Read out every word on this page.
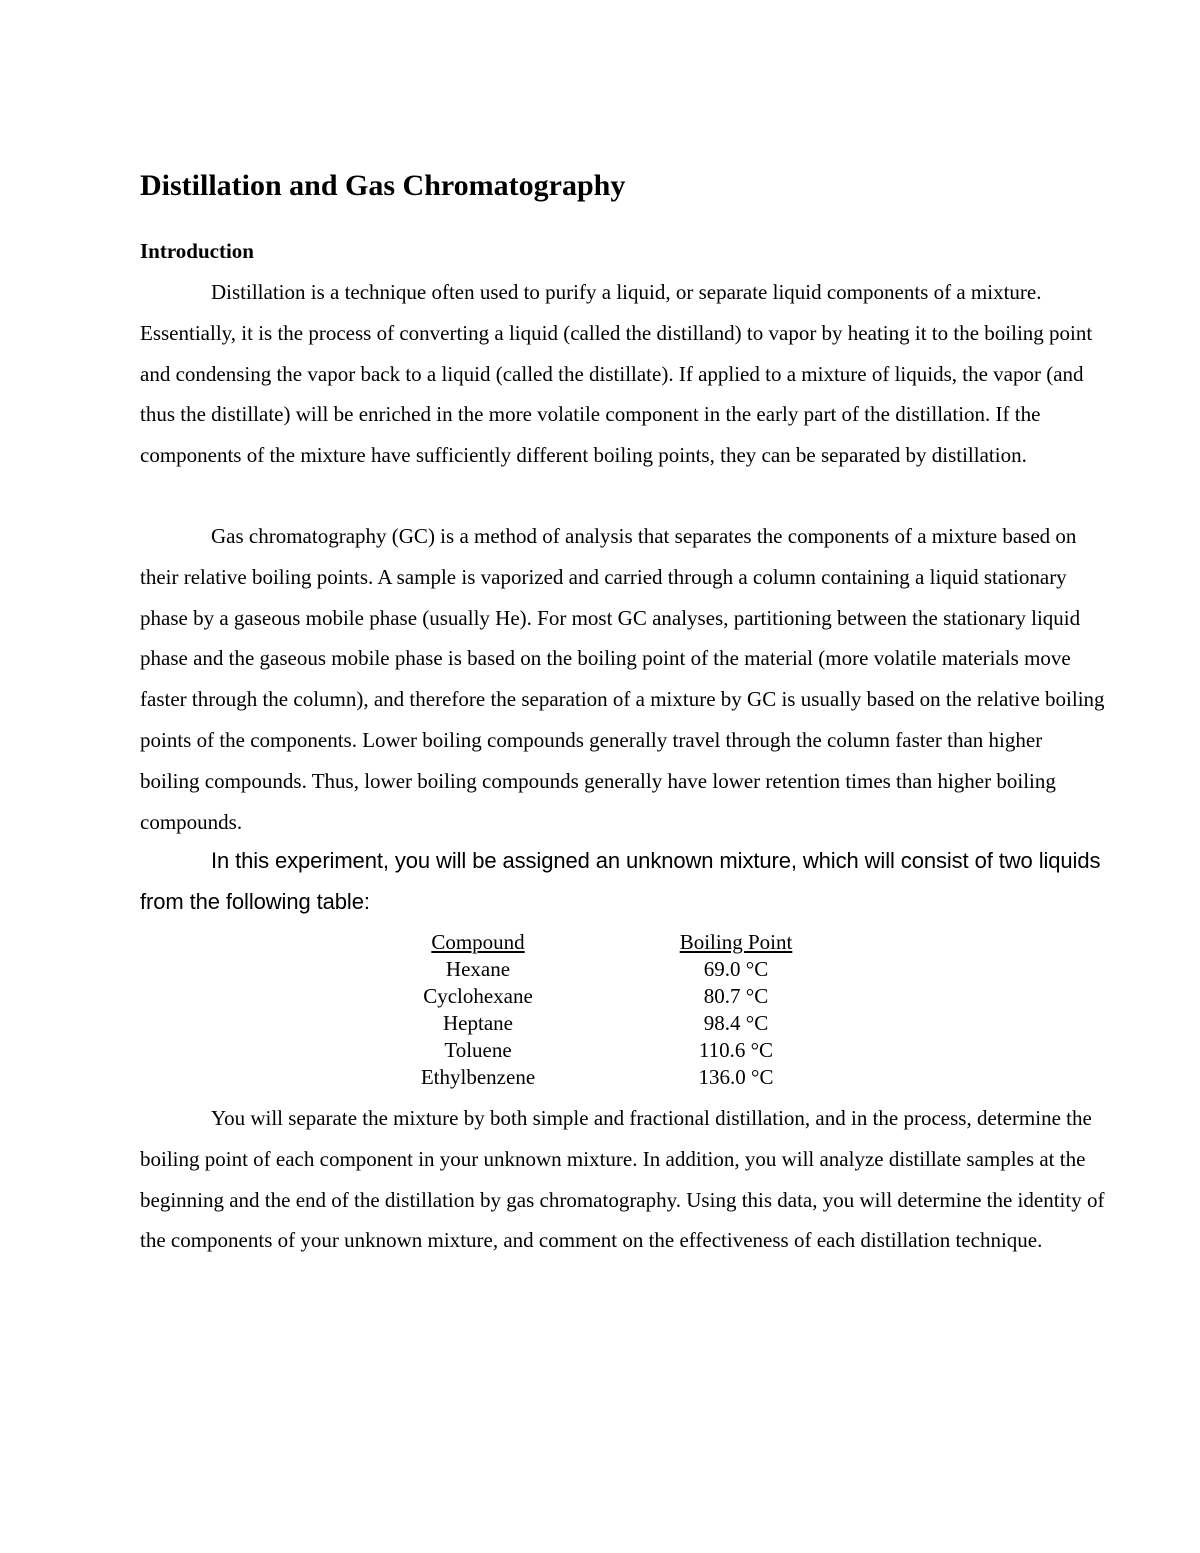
Distillation and Gas Chromatography
Introduction

Distillation is a technique often used to purify a liquid, or separate liquid components of a mixture. Essentially, it is the process of converting a liquid (called the distilland) to vapor by heating it to the boiling point and condensing the vapor back to a liquid (called the distillate). If applied to a mixture of liquids, the vapor (and thus the distillate) will be enriched in the more volatile component in the early part of the distillation. If the components of the mixture have sufficiently different boiling points, they can be separated by distillation.

Gas chromatography (GC) is a method of analysis that separates the components of a mixture based on their relative boiling points. A sample is vaporized and carried through a column containing a liquid stationary phase by a gaseous mobile phase (usually He). For most GC analyses, partitioning between the stationary liquid phase and the gaseous mobile phase is based on the boiling point of the material (more volatile materials move faster through the column), and therefore the separation of a mixture by GC is usually based on the relative boiling points of the components. Lower boiling compounds generally travel through the column faster than higher boiling compounds. Thus, lower boiling compounds generally have lower retention times than higher boiling compounds.

In this experiment, you will be assigned an unknown mixture, which will consist of two liquids from the following table:

Compound	Boiling Point
Hexane	69.0 °C
Cyclohexane	80.7 °C
Heptane	98.4 °C
Toluene	110.6 °C
Ethylbenzene	136.0 °C

You will separate the mixture by both simple and fractional distillation, and in the process, determine the boiling point of each component in your unknown mixture. In addition, you will analyze distillate samples at the beginning and the end of the distillation by gas chromatography. Using this data, you will determine the identity of the components of your unknown mixture, and comment on the effectiveness of each distillation technique.
